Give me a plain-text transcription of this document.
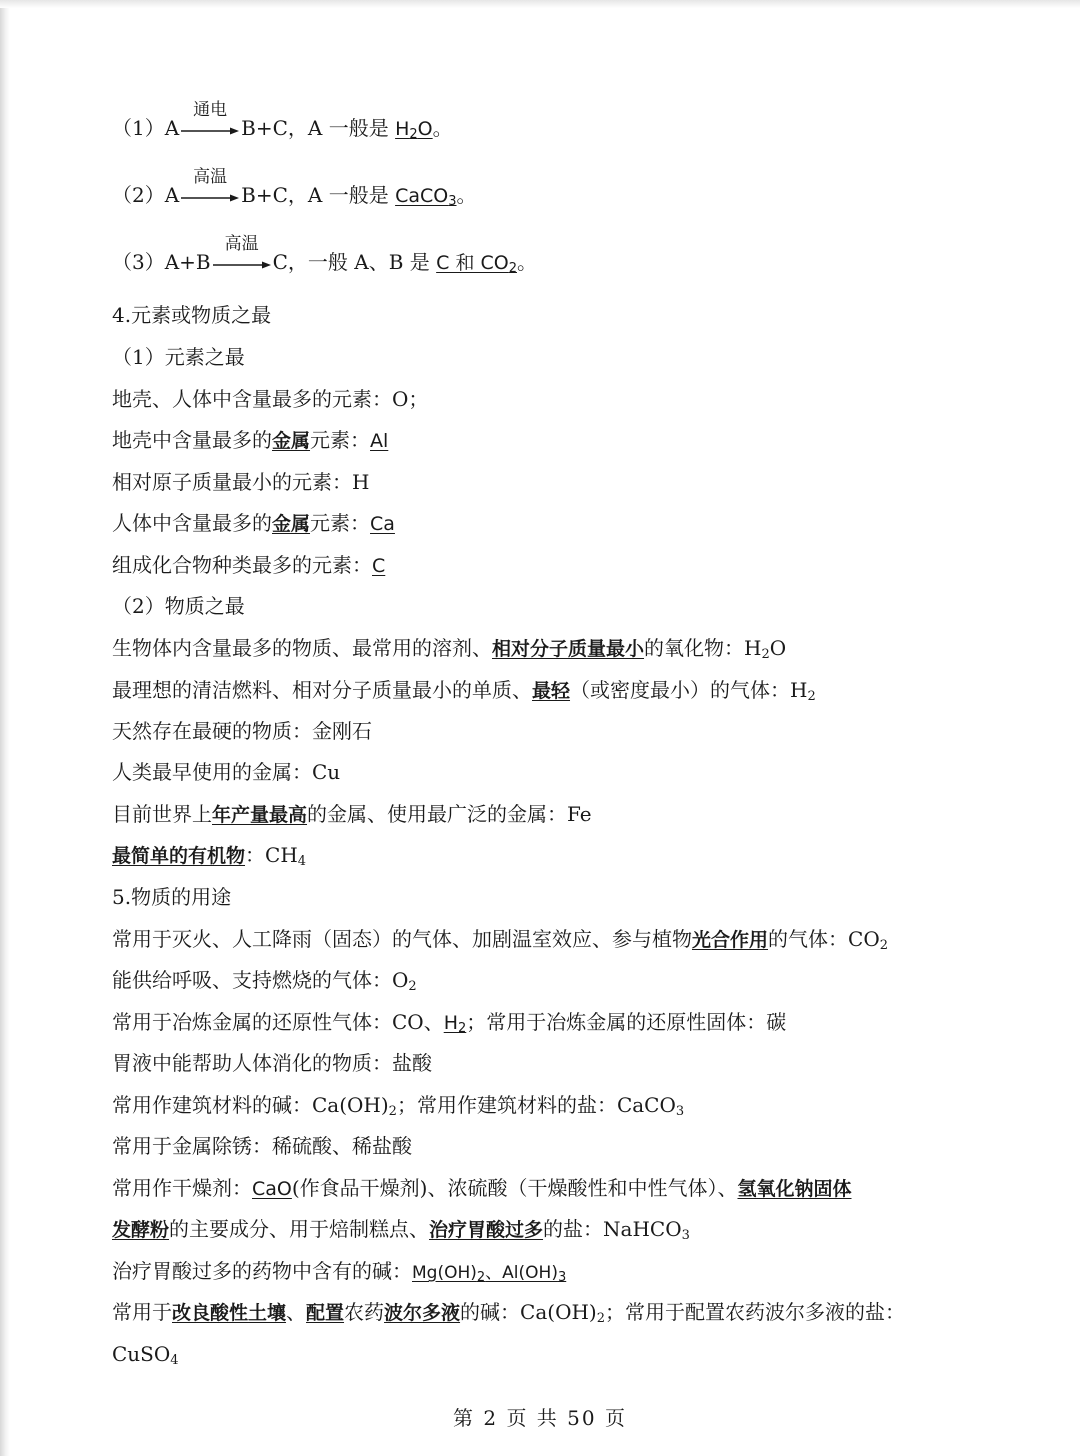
（1）A
通电
B+C，A 一般是 $H_2O$。
（2）A
高温
B+C，A 一般是 CaCO$_3$。
（3）A+B
高温
C，一般 A、B 是 C 和 $CO_2$。
4.元素或物质之最
（1）元素之最
地壳、人体中含量最多的元素：O；
地壳中含量最多的金属元素：Al
相对原子质量最小的元素：H
人体中含量最多的金属元素：Ca
组成化合物种类最多的元素：C
（2）物质之最
生物体内含量最多的物质、最常用的溶剂、相对分子质量最小的氧化物：$H_2O$
最理想的清洁燃料、相对分子质量最小的单质、最轻（或密度最小）的气体：$H_2$
天然存在最硬的物质：金刚石
人类最早使用的金属：Cu
目前世界上年产量最高的金属、使用最广泛的金属：Fe
最简单的有机物：$CH_4$
5.物质的用途
常用于灭火、人工降雨（固态）的气体、加剧温室效应、参与植物光合作用的气体：$CO_2$
能供给呼吸、支持燃烧的气体：$O_2$
常用于冶炼金属的还原性气体：CO、$H_2$；常用于冶炼金属的还原性固体：碳
胃液中能帮助人体消化的物质：盐酸
常用作建筑材料的碱：$Ca(OH)_2$；常用作建筑材料的盐：CaCO$_3$
常用于金属除锈：稀硫酸、稀盐酸
常用作干燥剂：CaO(作食品干燥剂)、浓硫酸（干燥酸性和中性气体）、氢氧化钠固体
发酵粉的主要成分、用于焙制糕点、治疗胃酸过多的盐：NaHCO$_3$
治疗胃酸过多的药物中含有的碱：$Mg(OH)_2$、$Al(OH)_3$
常用于改良酸性土壤、配置农药波尔多液的碱：$Ca(OH)_2$；常用于配置农药波尔多液的盐：
CuSO$_4$
第 2 页 共 50 页
